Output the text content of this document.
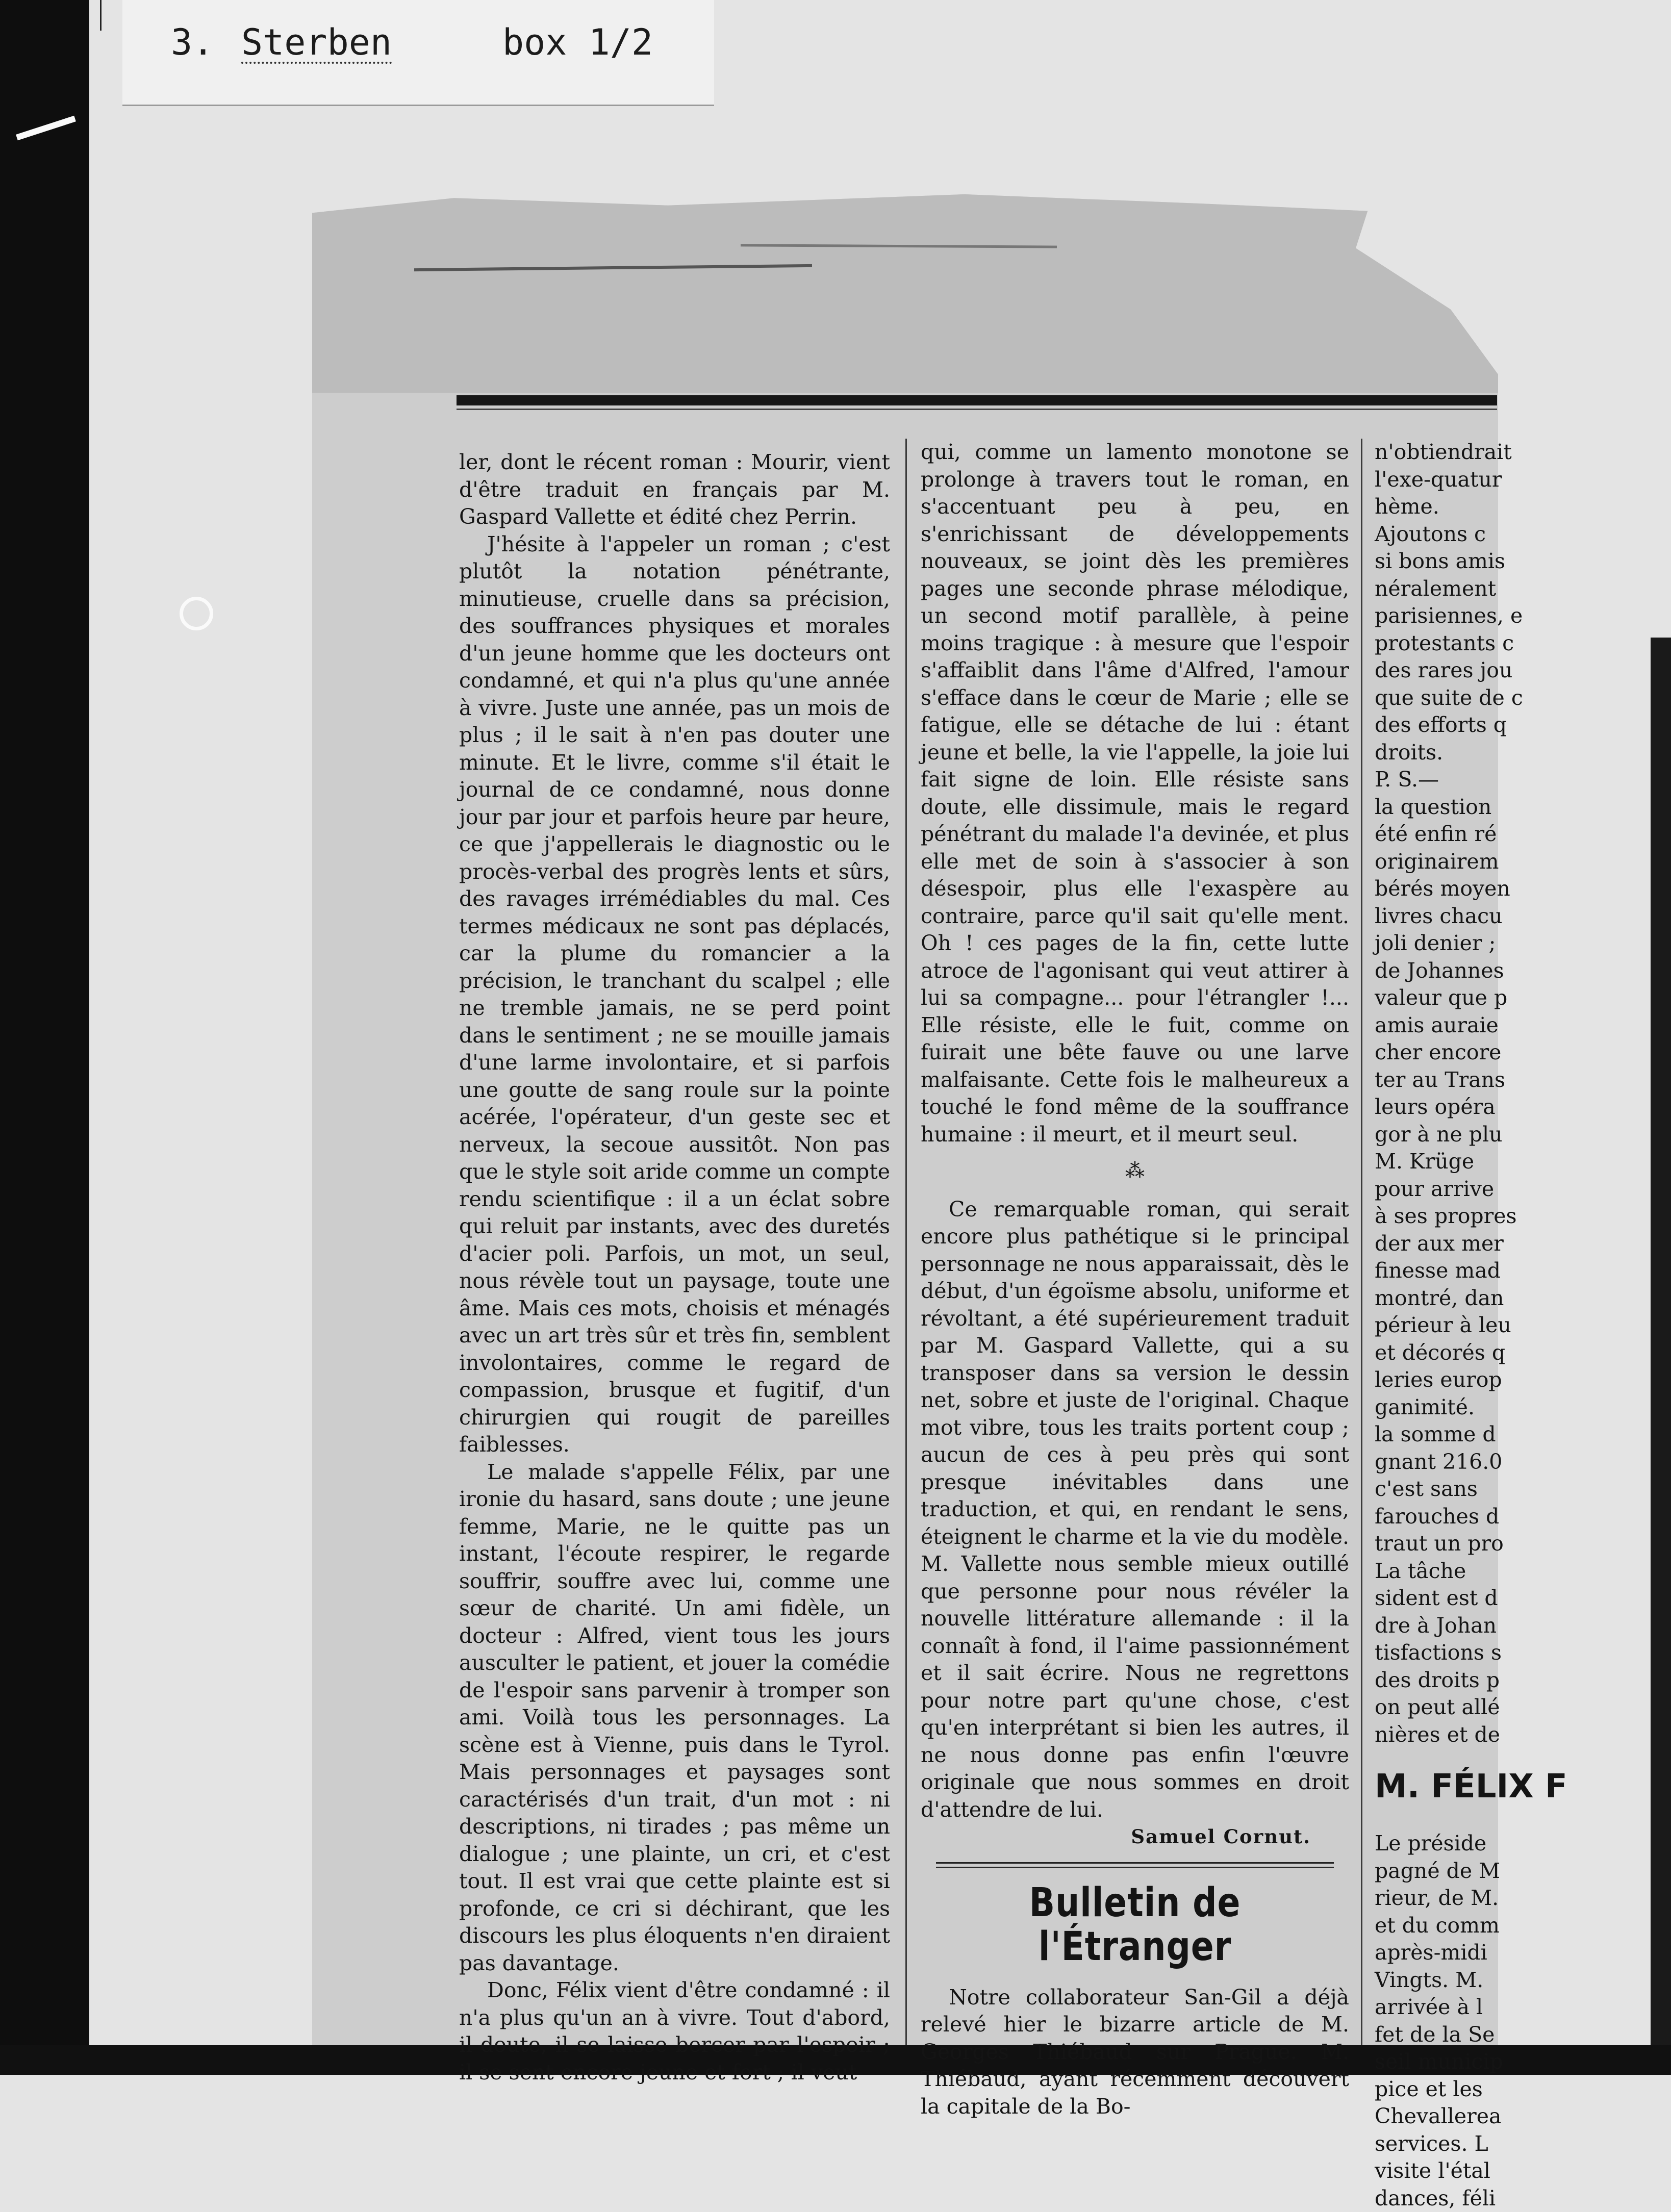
3. Sterben	box 1/2

ler, dont le récent roman : Mourir, vient d'être traduit en français par M. Gaspard Vallette et édité chez Perrin.

J'hésite à l'appeler un roman ; c'est plutôt la notation pénétrante, minutieuse, cruelle dans sa précision, des souffrances physiques et morales d'un jeune homme que les docteurs ont condamné, et qui n'a plus qu'une année à vivre. Juste une année, pas un mois de plus ; il le sait à n'en pas douter une minute. Et le livre, comme s'il était le journal de ce condamné, nous donne jour par jour et parfois heure par heure, ce que j'appellerais le diagnostic ou le procès-verbal des progrès lents et sûrs, des ravages irrémédiables du mal. Ces termes médicaux ne sont pas déplacés, car la plume du romancier a la précision, le tranchant du scalpel ; elle ne tremble jamais, ne se perd point dans le sentiment ; ne se mouille jamais d'une larme involontaire, et si parfois une goutte de sang roule sur la pointe acérée, l'opérateur, d'un geste sec et nerveux, la secoue aussitôt. Non pas que le style soit aride comme un compte rendu scientifique : il a un éclat sobre qui reluit par instants, avec des duretés d'acier poli. Parfois, un mot, un seul, nous révèle tout un paysage, toute une âme. Mais ces mots, choisis et ménagés avec un art très sûr et très fin, semblent involontaires, comme le regard de compassion, brusque et fugitif, d'un chirurgien qui rougit de pareilles faiblesses.

Le malade s'appelle Félix, par une ironie du hasard, sans doute ; une jeune femme, Marie, ne le quitte pas un instant, l'écoute respirer, le regarde souffrir, souffre avec lui, comme une sœur de charité. Un ami fidèle, un docteur : Alfred, vient tous les jours ausculter le patient, et jouer la comédie de l'espoir sans parvenir à tromper son ami. Voilà tous les personnages. La scène est à Vienne, puis dans le Tyrol. Mais personnages et paysages sont caractérisés d'un trait, d'un mot : ni descriptions, ni tirades ; pas même un dialogue ; une plainte, un cri, et c'est tout. Il est vrai que cette plainte est si profonde, ce cri si déchirant, que les discours les plus éloquents n'en diraient pas davantage.

Donc, Félix vient d'être condamné : il n'a plus qu'un an à vivre. Tout d'abord, il doute, il se laisse bercer par l'espoir ; il se sent encore jeune et fort ; il veut

qui, comme un lamento monotone se prolonge à travers tout le roman, en s'accentuant peu à peu, en s'enrichissant de développements nouveaux, se joint dès les premières pages une seconde phrase mélodique, un second motif parallèle, à peine moins tragique : à mesure que l'espoir s'affaiblit dans l'âme d'Alfred, l'amour s'efface dans le cœur de Marie ; elle se fatigue, elle se détache de lui : étant jeune et belle, la vie l'appelle, la joie lui fait signe de loin. Elle résiste sans doute, elle dissimule, mais le regard pénétrant du malade l'a devinée, et plus elle met de soin à s'associer à son désespoir, plus elle l'exaspère au contraire, parce qu'il sait qu'elle ment. Oh ! ces pages de la fin, cette lutte atroce de l'agonisant qui veut attirer à lui sa compagne... pour l'étrangler !... Elle résiste, elle le fuit, comme on fuirait une bête fauve ou une larve malfaisante. Cette fois le malheureux a touché le fond même de la souffrance humaine : il meurt, et il meurt seul.

⁂

Ce remarquable roman, qui serait encore plus pathétique si le principal personnage ne nous apparaissait, dès le début, d'un égoïsme absolu, uniforme et révoltant, a été supérieurement traduit par M. Gaspard Vallette, qui a su transposer dans sa version le dessin net, sobre et juste de l'original. Chaque mot vibre, tous les traits portent coup ; aucun de ces à peu près qui sont presque inévitables dans une traduction, et qui, en rendant le sens, éteignent le charme et la vie du modèle. M. Vallette nous semble mieux outillé que personne pour nous révéler la nouvelle littérature allemande : il la connaît à fond, il l'aime passionnément et il sait écrire. Nous ne regrettons pour notre part qu'une chose, c'est qu'en interprétant si bien les autres, il ne nous donne pas enfin l'œuvre originale que nous sommes en droit d'attendre de lui.

Samuel Cornut.
Bulletin de l'Étranger

Notre collaborateur San-Gil a déjà relevé hier le bizarre article de M. Georges Thiébaud sur Prague. M. Thiébaud, ayant récemment découvert la capitale de la Bo-

n'obtiendrait

l'exe-quatur

hème.

Ajoutons c

si bons amis

néralement

parisiennes, e

protestants c

des rares jou

que suite de c

des efforts q

droits.

P. S.—

la question

été enfin ré

originairem

bérés moyen

livres chacu

joli denier ;

de Johannes

valeur que p

amis auraie

cher encore

ter au Trans

leurs opéra

gor à ne plu

M. Krüge

pour arrive

à ses propres

der aux mer

finesse mad

montré, dan

périeur à leu

et décorés q

leries europ

ganimité.

la somme d

gnant 216.0

c'est sans

farouches d

traut un pro

La tâche

sident est d

dre à Johan

tisfactions s

des droits p

on peut allé

nières et de

M. FÉLIX F

Le préside

pagné de M

rieur, de M.

et du comm

après-midi

Vingts. M.

arrivée à l

fet de la Se

seil municip

pice et les

Chevallerea

services. L

visite l'étal

dances, féli
